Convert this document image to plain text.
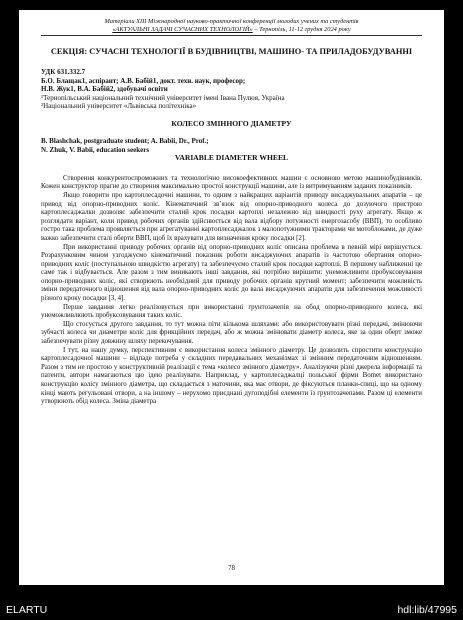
Матеріали XIII Міжнародної науково-практичної конференції молодих учених та студентів
«АКТУАЛЬНІ ЗАДАЧІ СУЧАСНИХ ТЕХНОЛОГІЙ» – Тернопіль, 11-12 грудня 2024 року
СЕКЦІЯ: СУЧАСНІ ТЕХНОЛОГІЇ В БУДІВНИЦТВІ, МАШИНО- ТА ПРИЛАДОБУДУВАННІ
УДК 631.332.7
Б.О. Блащак1, аспірант; А.В. Бабій1, докт. техн. наук, професор;
Н.В. Жук1, В.А. Бабій2, здобувачі освіти
¹Тернопільський національний технічний університет імені Івана Пулюя, Україна
²Національний університет «Львівська політехніка»
КОЛЕСО ЗМІННОГО ДІАМЕТРУ
B. Blashchak, postgraduate student; A. Babii, Dr., Prof.;
N. Zhuk, V. Babii, education seekers
VARIABLE DIAMETER WHEEL

Створення конкурентоспроможних та технологічно високоефективних машин є основною метою машинобудівників. Кожен конструктор прагне до створення максимально простої конструкції машини, але із витримуванням заданих показників.

Якщо говорити про картоплесадочні машини, то одним з найкращих варіантів приводу висаджувальних апаратів – це привод від опорно-приводних коліс. Кінематичний зв’язок від опорно-приводного колеса до дозуючого пристрою картоплесаджалки дозволяє забезпечити сталий крок посадки картоплі незалежно від швидкості руху агрегату. Якщо ж розглядати варіант, коли привод робочих органів здійснюється від вала відбору потужності енергозасобу (ВВП), то особливо гостро така проблема проявляється при агрегатуванні картоплесаджалок з малопотужними тракторами чи мотоблоками, де дуже важко забезпечити сталі оберти ВВП, щоб їх врахувати для визначення кроку посадки [2].

При використанні приводу робочих органів від опорно-приводних коліс описана проблема в певній мірі вирішується. Розрахунковим чином узгоджуємо кінематичний показник роботи висаджуючих апаратів із частотою обертання опорно-приводних коліс (поступальною швидкістю агрегату) та забезпечуємо сталий крок посадки картоплі. В першому наближенні це саме так і відбувається. Але разом з тим виникають інші завдання, які потрібно вирішити: унеможливити пробуксовування опорно-приводних коліс, які створюють необхідний для приводу робочих органів крутний момент; забезпечити можливість зміни передаточного відношення від вала опорно-приводних коліс до вала висаджуючих апаратів для забезпечення можливості різного кроку посадки [3, 4].

Перше завдання легко реалізовується при використанні грунтозачепів на обод опорно-приводного колеса, які унеможливлюють пробуксовування таких коліс.

Що стосується другого завдання, то тут можна піти кількома шляхами: або використовувати різні передачі, змінюючи зубчасті колеса чи диаметри коліс для фрикційних передач, або ж можна змінювати діаметр колеса, яке за один оберт зможе забезпечувати різну довжину шляху перекочування.

І тут, на нашу думку, перспективним є використання колеса змінного діаметру. Це дозволить спростити конструкцію картоплесадочної машини – відпаде потреба у складних передавальних механізмах зі змінним передаточним відношенням. Разом з тим не простою у конструктивній реалізації є тема «колесо змінного діаметру». Аналізуючи різні джерела інформації та патенти, автори намагаються цю ідею реалізувати. Наприклад, у картоплесаджалці польської фірми Bomet використано конструкцію колісу змінного діаметра, що складається з маточини, яка має отвори, де фіксуються планки-спиці, що на одному кінці мають регульовані отвори, а на іншому – нерухомо приєднані дугоподібні елементи із грунтозачепами. Разом ці елементи утворюють обід колеса. Зміна діаметра

78
ELARTU	hdl:lib/47995
